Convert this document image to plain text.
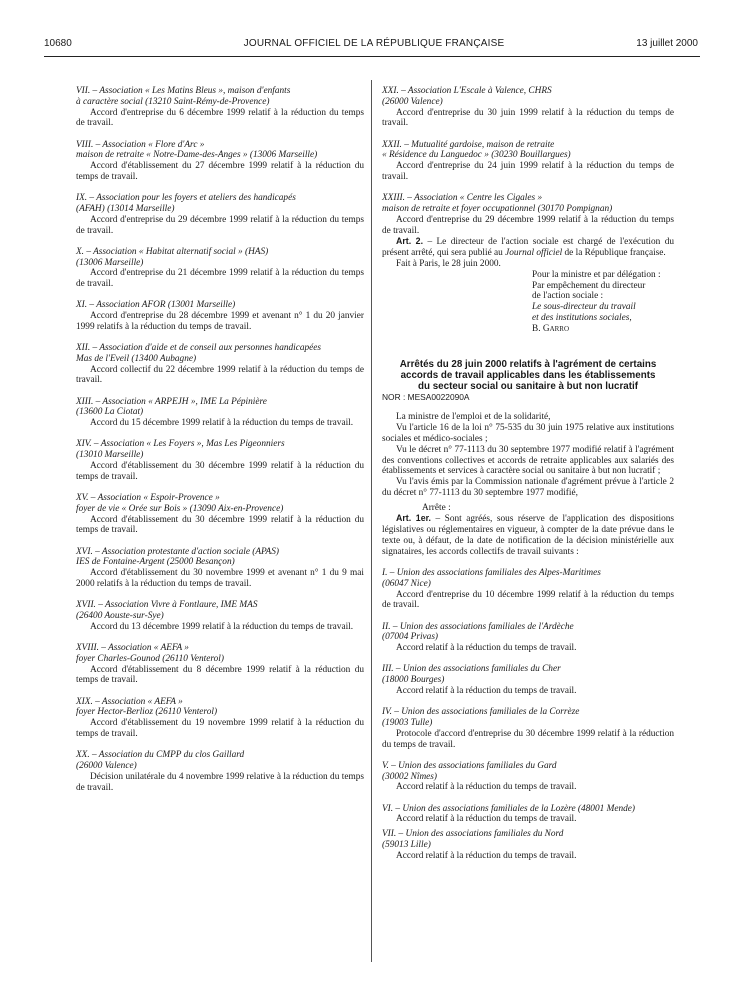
10680	JOURNAL OFFICIEL DE LA RÉPUBLIQUE FRANÇAISE	13 juillet 2000

VII. – Association « Les Matins Bleus », maison d'enfants

à caractère social (13210 Saint-Rémy-de-Provence)

Accord d'entreprise du 6 décembre 1999 relatif à la réduction du temps de travail.

VIII. – Association « Flore d'Arc »

maison de retraite « Notre-Dame-des-Anges » (13006 Marseille)

Accord d'établissement du 27 décembre 1999 relatif à la réduction du temps de travail.

IX. – Association pour les foyers et ateliers des handicapés

(AFAH) (13014 Marseille)

Accord d'entreprise du 29 décembre 1999 relatif à la réduction du temps de travail.

X. – Association « Habitat alternatif social » (HAS)

(13006 Marseille)

Accord d'entreprise du 21 décembre 1999 relatif à la réduction du temps de travail.

XI. – Association AFOR (13001 Marseille)

Accord d'entreprise du 28 décembre 1999 et avenant n° 1 du 20 janvier 1999 relatifs à la réduction du temps de travail.

XII. – Association d'aide et de conseil aux personnes handicapées

Mas de l'Eveil (13400 Aubagne)

Accord collectif du 22 décembre 1999 relatif à la réduction du temps de travail.

XIII. – Association « ARPEJH », IME La Pépinière

(13600 La Ciotat)

Accord du 15 décembre 1999 relatif à la réduction du temps de travail.

XIV. – Association « Les Foyers », Mas Les Pigeonniers

(13010 Marseille)

Accord d'établissement du 30 décembre 1999 relatif à la réduction du temps de travail.

XV. – Association « Espoir-Provence »

foyer de vie « Orée sur Bois » (13090 Aix-en-Provence)

Accord d'établissement du 30 décembre 1999 relatif à la réduction du temps de travail.

XVI. – Association protestante d'action sociale (APAS)

IES de Fontaine-Argent (25000 Besançon)

Accord d'établissement du 30 novembre 1999 et avenant n° 1 du 9 mai 2000 relatifs à la réduction du temps de travail.

XVII. – Association Vivre à Fontlaure, IME MAS

(26400 Aouste-sur-Sye)

Accord du 13 décembre 1999 relatif à la réduction du temps de travail.

XVIII. – Association « AEFA »

foyer Charles-Gounod (26110 Venterol)

Accord d'établissement du 8 décembre 1999 relatif à la réduction du temps de travail.

XIX. – Association « AEFA »

foyer Hector-Berlioz (26110 Venterol)

Accord d'établissement du 19 novembre 1999 relatif à la réduction du temps de travail.

XX. – Association du CMPP du clos Gaillard

(26000 Valence)

Décision unilatérale du 4 novembre 1999 relative à la réduction du temps de travail.

XXI. – Association L'Escale à Valence, CHRS

(26000 Valence)

Accord d'entreprise du 30 juin 1999 relatif à la réduction du temps de travail.

XXII. – Mutualité gardoise, maison de retraite

« Résidence du Languedoc » (30230 Bouillargues)

Accord d'entreprise du 24 juin 1999 relatif à la réduction du temps de travail.

XXIII. – Association « Centre les Cigales »

maison de retraite et foyer occupationnel (30170 Pompignan)

Accord d'entreprise du 29 décembre 1999 relatif à la réduction du temps de travail.

Art. 2. – Le directeur de l'action sociale est chargé de l'exécution du présent arrêté, qui sera publié au Journal officiel de la République française.

Fait à Paris, le 28 juin 2000.

Pour la ministre et par délégation :

Par empêchement du directeur

de l'action sociale :

Le sous-directeur du travail

et des institutions sociales,

B. Garro

Arrêtés du 28 juin 2000 relatifs à l'agrément de certains
accords de travail applicables dans les établissements
du secteur social ou sanitaire à but non lucratif

NOR : MESA0022090A

La ministre de l'emploi et de la solidarité,

Vu l'article 16 de la loi n° 75-535 du 30 juin 1975 relative aux institutions sociales et médico-sociales ;

Vu le décret n° 77-1113 du 30 septembre 1977 modifié relatif à l'agrément des conventions collectives et accords de retraite applicables aux salariés des établissements et services à caractère social ou sanitaire à but non lucratif ;

Vu l'avis émis par la Commission nationale d'agrément prévue à l'article 2 du décret n° 77-1113 du 30 septembre 1977 modifié,

Arrête :

Art. 1er. – Sont agréés, sous réserve de l'application des dispositions législatives ou réglementaires en vigueur, à compter de la date prévue dans le texte ou, à défaut, de la date de notification de la décision ministérielle aux signataires, les accords collectifs de travail suivants :

I. – Union des associations familiales des Alpes-Maritimes

(06047 Nice)

Accord d'entreprise du 10 décembre 1999 relatif à la réduction du temps de travail.

II. – Union des associations familiales de l'Ardèche

(07004 Privas)

Accord relatif à la réduction du temps de travail.

III. – Union des associations familiales du Cher

(18000 Bourges)

Accord relatif à la réduction du temps de travail.

IV. – Union des associations familiales de la Corrèze

(19003 Tulle)

Protocole d'accord d'entreprise du 30 décembre 1999 relatif à la réduction du temps de travail.

V. – Union des associations familiales du Gard

(30002 Nîmes)

Accord relatif à la réduction du temps de travail.

VI. – Union des associations familiales de la Lozère (48001 Mende)

Accord relatif à la réduction du temps de travail.

VII. – Union des associations familiales du Nord

(59013 Lille)

Accord relatif à la réduction du temps de travail.
